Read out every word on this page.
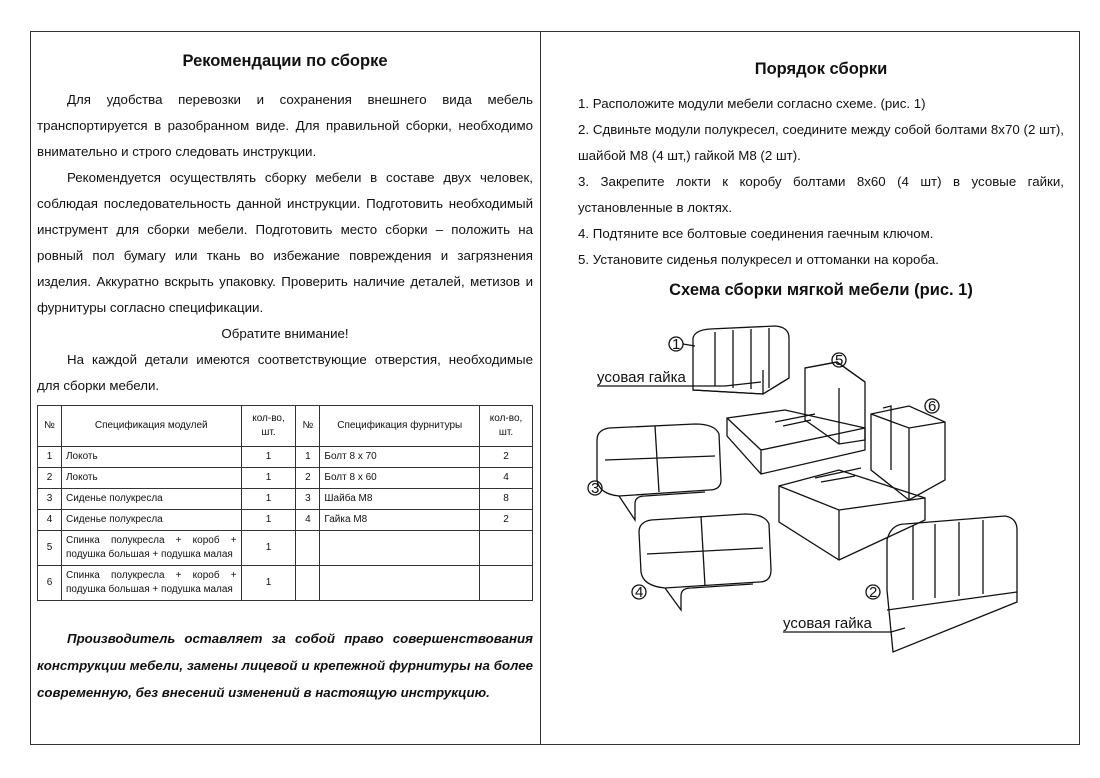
Рекомендации по сборке

Для удобства перевозки и сохранения внешнего вида мебель транспортируется в разобранном виде. Для правильной сборки, необходимо внимательно и строго следовать инструкции.

Рекомендуется осуществлять сборку мебели в составе двух человек, соблюдая последовательность данной инструкции. Подготовить необходимый инструмент для сборки мебели. Подготовить место сборки – положить на ровный пол бумагу или ткань во избежание повреждения и загрязнения изделия. Аккуратно вскрыть упаковку. Проверить наличие деталей, метизов и фурнитуры согласно спецификации.

Обратите внимание!

На каждой детали имеются соответствующие отверстия, необходимые для сборки мебели.

№	Спецификация модулей	кол-во, шт.	№	Спецификация фурнитуры	кол-во, шт.
1	Локоть	1	1	Болт 8 х 70	2
2	Локоть	1	2	Болт 8 х 60	4
3	Сиденье полукресла	1	3	Шайба М8	8
4	Сиденье полукресла	1	4	Гайка М8	2
5	Спинка полукресла + короб + подушка большая + подушка малая	1			
6	Спинка полукресла + короб + подушка большая + подушка малая	1			

Производитель оставляет за собой право совершенствования конструкции мебели, замены лицевой и крепежной фурнитуры на более современную, без внесений изменений в настоящую инструкцию.

Порядок сборки
1. Расположите модули мебели согласно схеме. (рис. 1)
2. Сдвиньте модули полукресел, соедините между собой болтами 8х70 (2 шт), шайбой М8 (4 шт,) гайкой М8 (2 шт).
3. Закрепите локти к коробу болтами 8х60 (4 шт) в усовые гайки, установленные в локтях.
4. Подтяните все болтовые соединения гаечным ключом.
5. Установите сиденья полукресел и оттоманки на короба.
Схема сборки мягкой мебели (рис. 1)
1
усовая гайка
5
6
3
4	2
усовая гайка
